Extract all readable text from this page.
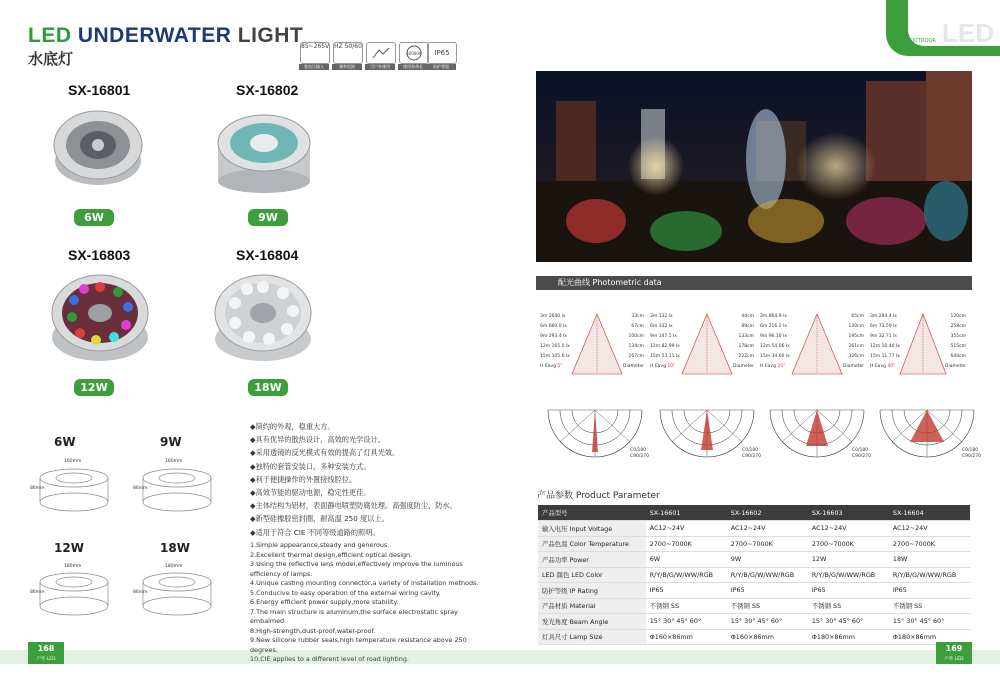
LED UNDERWATER LIGHT
水底灯
85~265V
宽电压输入
HZ 50/60
频率范围	可户外使用
50000H
使用寿命长
IP65
防护等级
SX-16801	SX-16802
SX-16803	SX-16804
6W	9W
12W	18W
6W	9W
12W	18W
160mm	160mm
180mm	180mm
86mm	86mm
86mm	86mm
◆简约的外观，稳重大方。
◆具有优异的散热设计，高效的光学设计。
◆采用透镜的反光模式有效的提高了灯具光效。
◆独特的套管安装口，多种安装方式。
◆利于便捷操作的外置接线腔位。
◆高效节能的驱动电源，稳定性更佳。
◆主体结构为铝材，表面静电喷塑防腐处理。高强度防尘，防水。
◆新型硅橡胶密封圈，耐高温 250 度以上。
◆适用于符合 CIE 不同等级道路的照明。
1.Simple appearance,steady and generous.
2.Excellent thermal design,efficient optical design.
3.Using the reflective lens model,effectively improve the luminous efficiency of lamps.
4.Unique casting mounting connector,a variety of installation methods.
5.Conducive to easy operation of the external wiring cavity.
6.Energy efficient power supply,more stability.
7.The main structure is aluminum,the surface electrostatic spray embalmed.
8.High-strength,dust-proof,water-proof.
9.New silicone rubber seals,high temperature resistance above 250 degrees.
10.CIE applies to a different level of road lighting.
168
户外 LED
OUTDOOR LED
配光曲线 Photometric data
3m 2640 lx	33cm
6m 660.0 lx	67cm
9m 293.4 lx	100cm
12m 165.0 lx	134cm
15m 105.6 lx	167cm
H Eavg 5°	Diameter
3m 132 lx	44cm
6m 332 lx	89cm
9m 147.5 lx	133cm
12m 82.99 lx	178cm
15m 53.11 lx	222cm
H Eavg 10°	Diameter
3m 864.9 lx	65cm
6m 216.2 lx	130cm
9m 96.10 lx	195cm
12m 54.06 lx	261cm
15m 34.60 lx	326cm
H Eavg 25°	Diameter
3m 294.4 lx	120cm
6m 73.59 lx	258cm
9m 32.71 lx	355cm
12m 10.40 lx	515cm
15m 11.77 lx	644cm
H Eavg 40°	Diameter
C0/180
C90/270
C0/180
C90/270
C0/180
C90/270
C0/180
C90/270
产品参数 Product Parameter
产品型号	SX-16601	SX-16602	SX-16603	SX-16604
输入电压 Input Voltage	AC12~24V	AC12~24V	AC12~24V	AC12~24V
产品色温 Color Temperature	2700~7000K	2700~7000K	2700~7000K	2700~7000K
产品功率 Power	6W	9W	12W	18W
LED 颜色 LED Color	R/Y/B/G/W/WW/RGB	R/Y/B/G/W/WW/RGB	R/Y/B/G/W/WW/RGB	R/Y/B/G/W/WW/RGB
防护等级 IP Rating	IP65	IP65	IP65	IP65
产品材质 Material	不锈钢 SS	不锈钢 SS	不锈钢 SS	不锈钢 SS
发光角度 Beam Angle	15° 30° 45° 60°	15° 30° 45° 60°	15° 30° 45° 60°	15° 30° 45° 60°
灯具尺寸 Lamp Size	Φ160×86mm	Φ160×86mm	Φ180×86mm	Φ180×86mm
169
户外 LED
